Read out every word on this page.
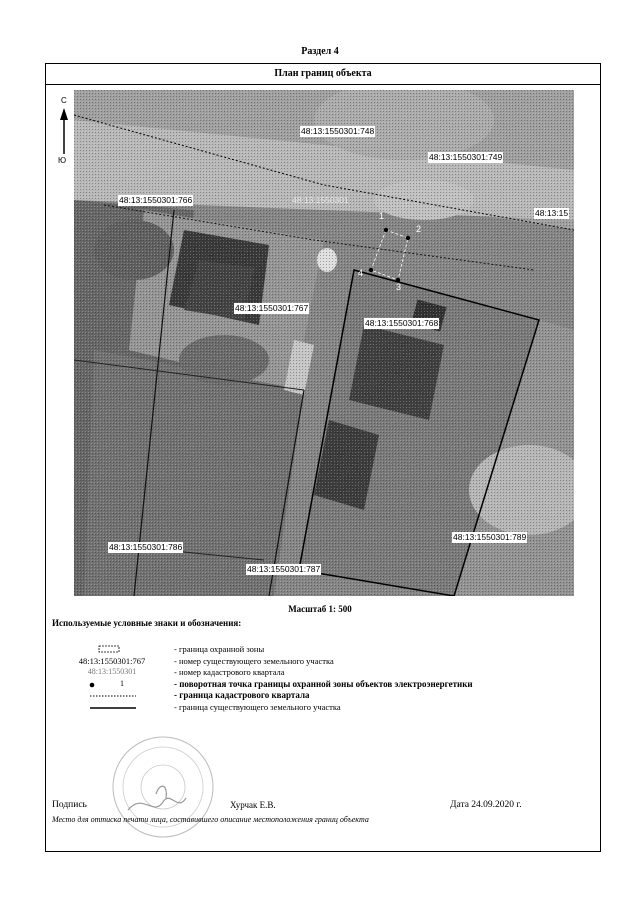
Раздел 4
План границ объекта
С
Ю
48:13:1550301:748
48:13:1550301:749
48:13:1550301:766	48:13:1550301
48:13:15
48:13:1550301:767
48:13:1550301:768
48:13:1550301:786
48:13:1550301:789
48:13:1550301:787
1
2
4
3
Масштаб 1: 500
Используемые условные знаки и обозначения:
- граница охранной зоны
48:13:1550301:767	- номер существующего земельного участка
48:13:1550301	- номер кадастрового квартала
1	- поворотная точка границы охранной зоны объектов электроэнергетики
- граница кадастрового квартала
- граница существующего земельного участка
Подпись	Хурчак Е.В.	Дата 24.09.2020 г.
Место для оттиска печати лица, составившего описание местоположения границ объекта
